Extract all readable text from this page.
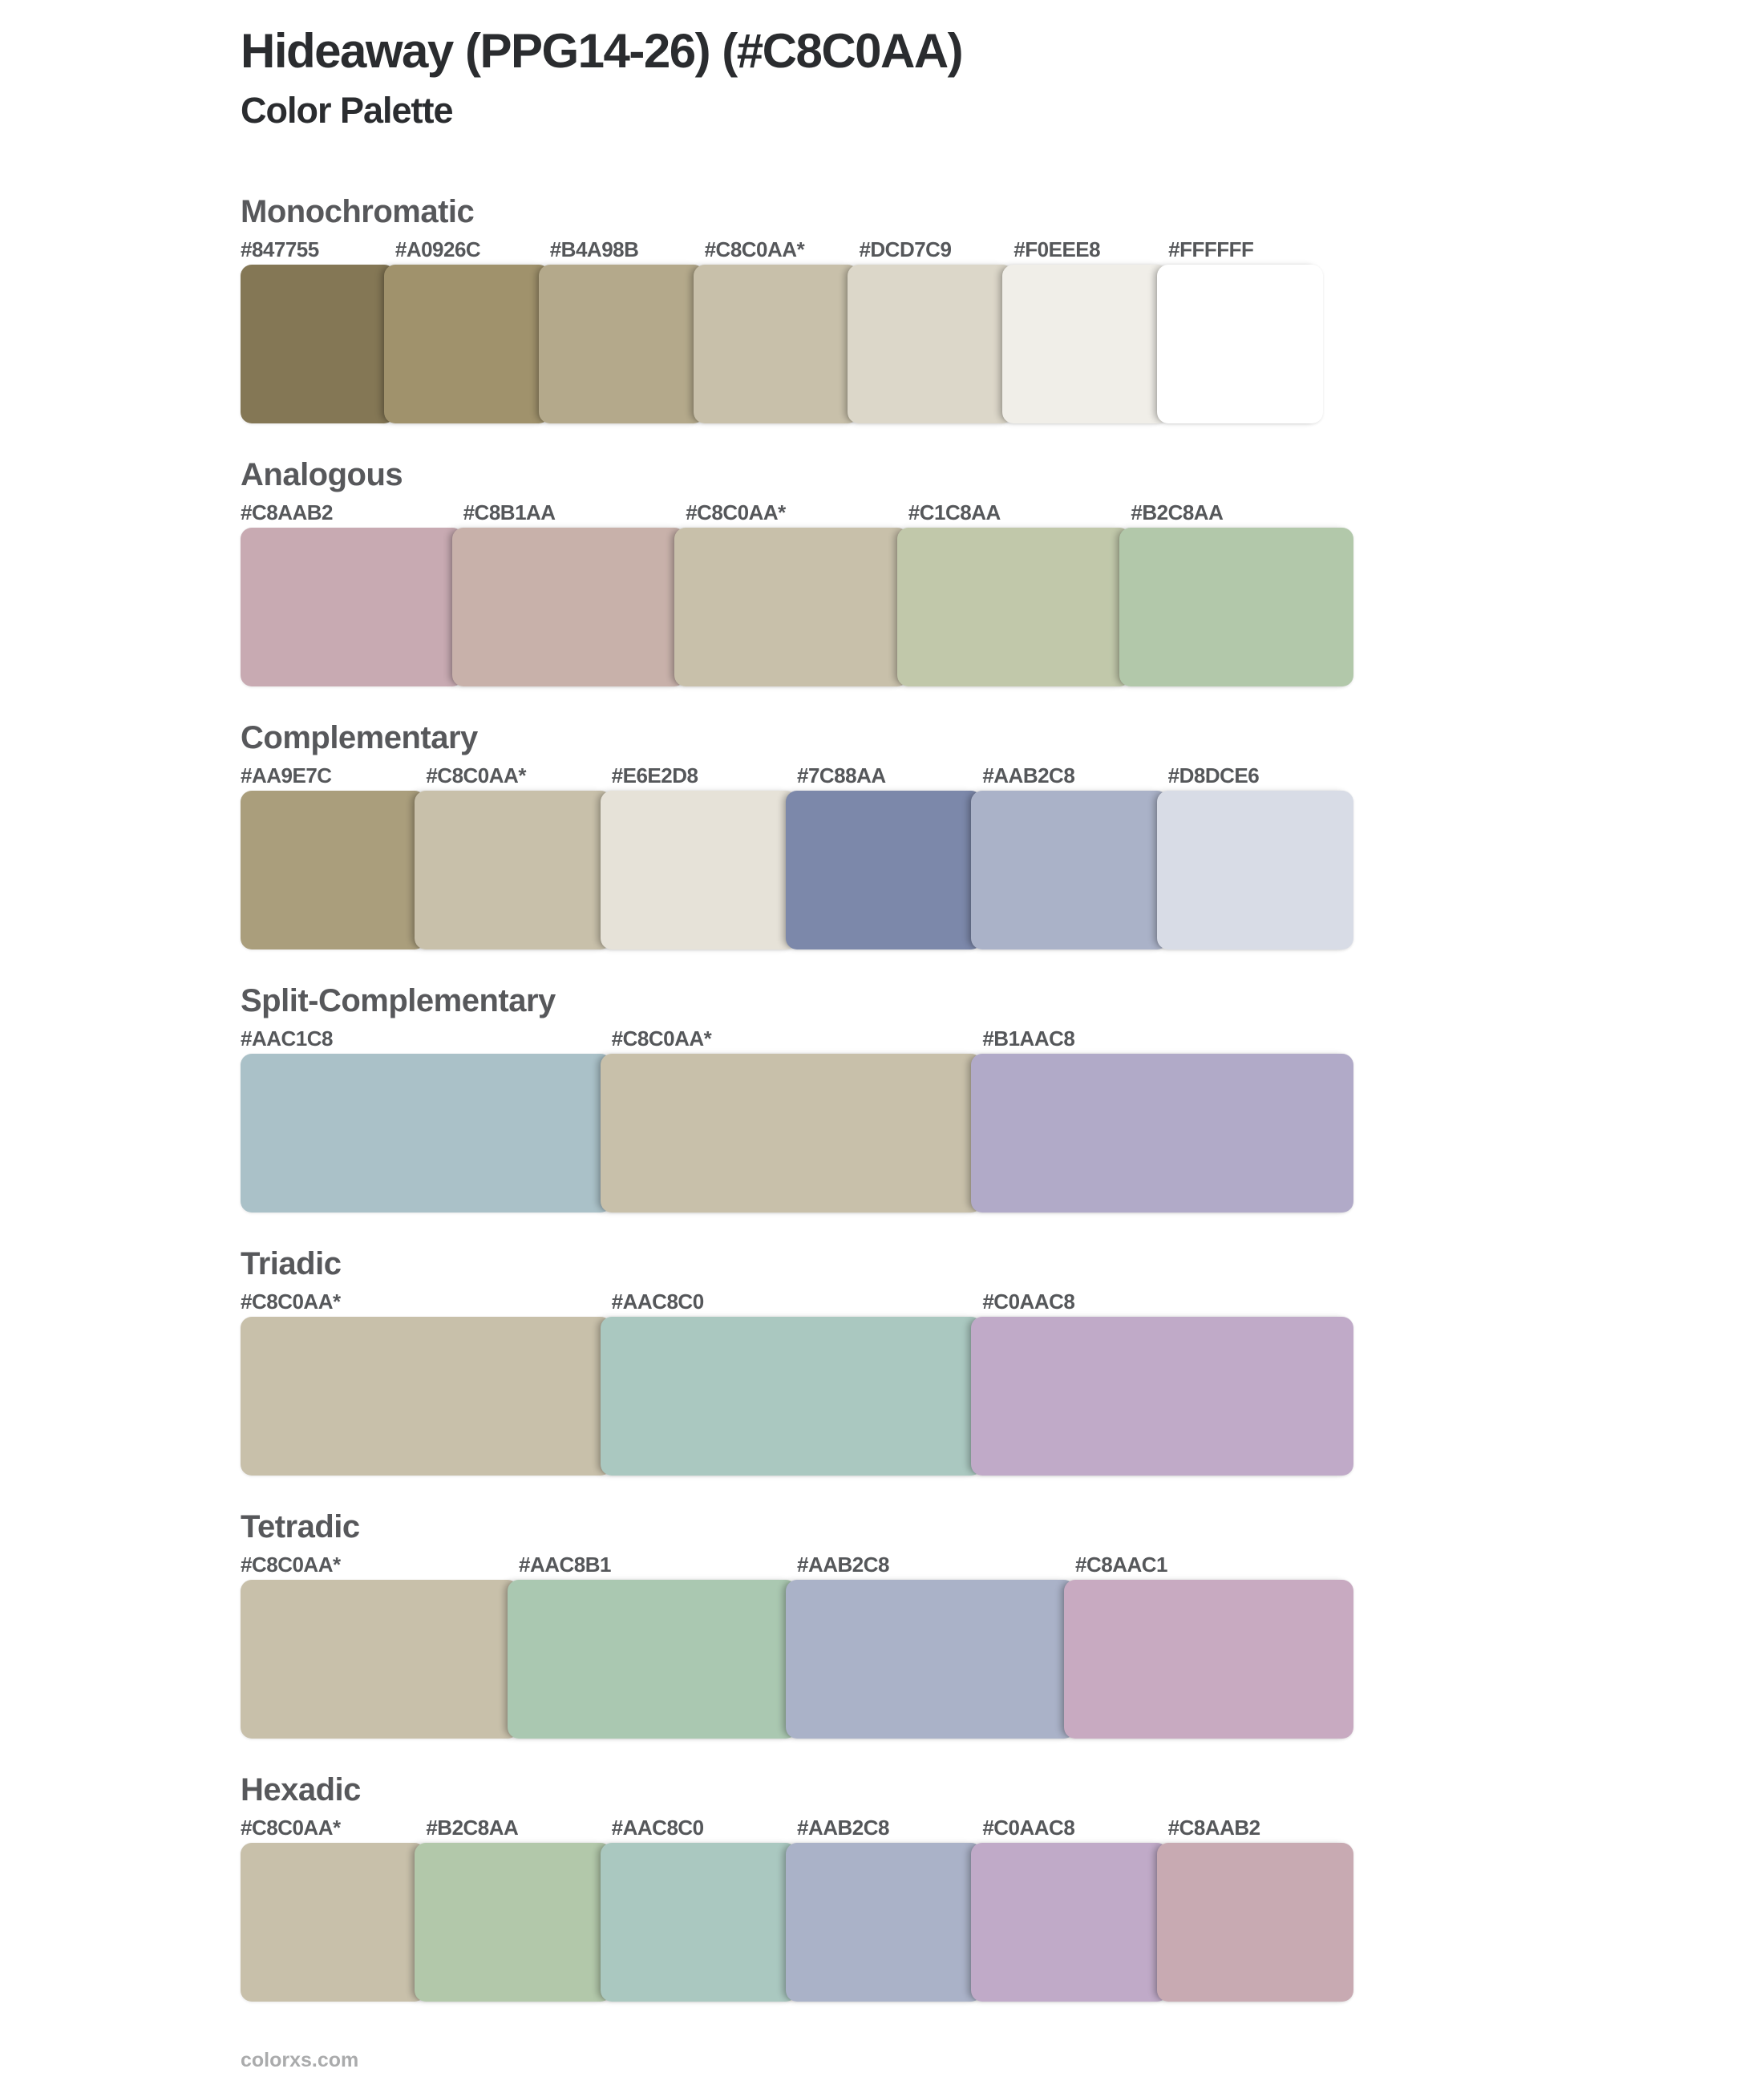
Hideaway (PPG14-26) (#C8C0AA)
Color Palette
Monochromatic
#847755	#A0926C	#B4A98B	#C8C0AA*	#DCD7C9	#F0EEE8	#FFFFFF
Analogous
#C8AAB2	#C8B1AA	#C8C0AA*	#C1C8AA	#B2C8AA
Complementary
#AA9E7C	#C8C0AA*	#E6E2D8	#7C88AA	#AAB2C8	#D8DCE6
Split-Complementary
#AAC1C8	#C8C0AA*	#B1AAC8
Triadic
#C8C0AA*	#AAC8C0	#C0AAC8
Tetradic
#C8C0AA*	#AAC8B1	#AAB2C8	#C8AAC1
Hexadic
#C8C0AA*	#B2C8AA	#AAC8C0	#AAB2C8	#C0AAC8	#C8AAB2
colorxs.com
